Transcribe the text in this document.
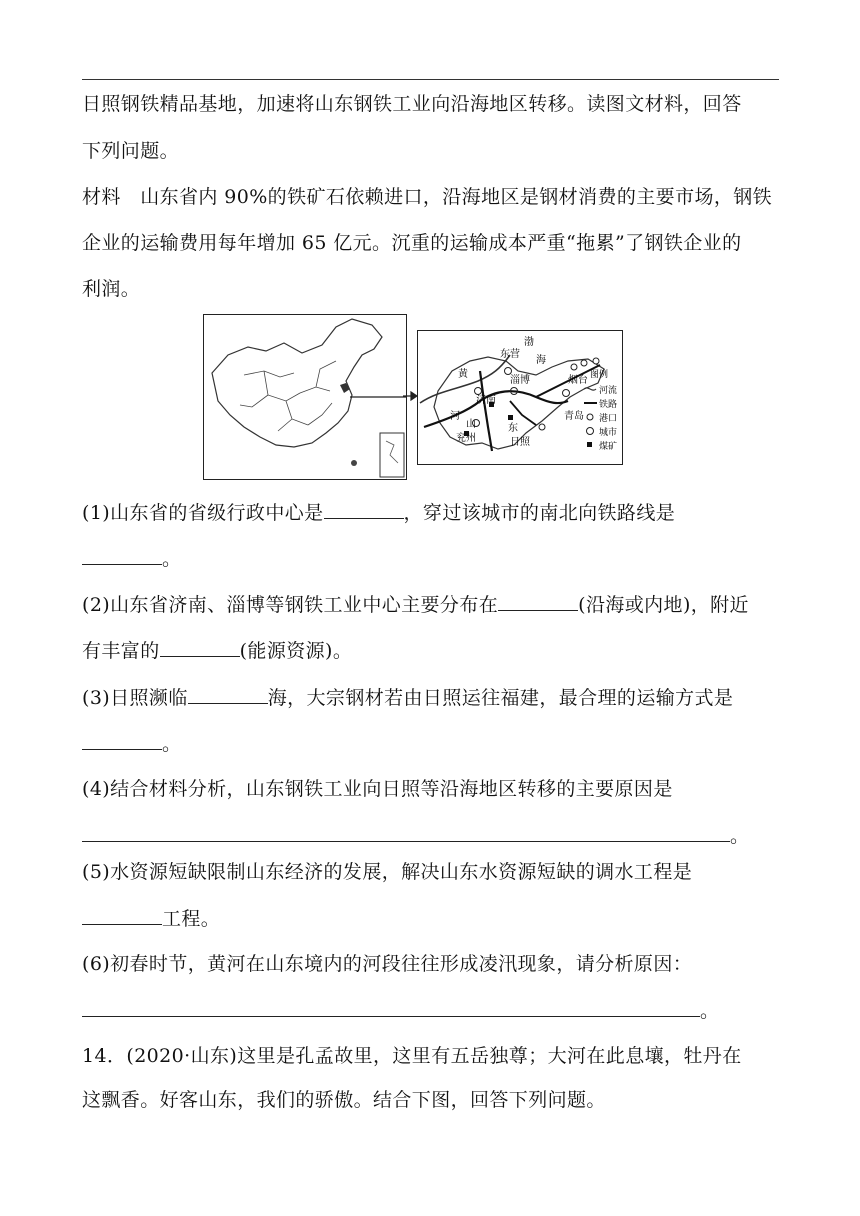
日照钢铁精品基地，加速将山东钢铁工业向沿海地区转移。读图文材料，回答
下列问题。
材料　山东省内 90%的铁矿石依赖进口，沿海地区是钢材消费的主要市场，钢铁
企业的运输费用每年增加 65 亿元。沉重的运输成本严重“拖累”了钢铁企业的
利润。
渤
海
东营
烟台
黄
淄博
济南
河	青岛
山	东
兖州	日照
图例
河流
铁路
港口
城市
煤矿
(1)山东省的省级行政中心是	，穿过该城市的南北向铁路线是
。
(2)山东省济南、淄博等钢铁工业中心主要分布在	(沿海或内地)，附近
有丰富的	(能源资源)。
(3)日照濒临	海，大宗钢材若由日照运往福建，最合理的运输方式是
。
(4)结合材料分析，山东钢铁工业向日照等沿海地区转移的主要原因是
。
(5)水资源短缺限制山东经济的发展，解决山东水资源短缺的调水工程是
工程。
(6)初春时节，黄河在山东境内的河段往往形成凌汛现象，请分析原因：
。
14．(2020·山东)这里是孔孟故里，这里有五岳独尊；大河在此息壤，牡丹在
这飘香。好客山东，我们的骄傲。结合下图，回答下列问题。
